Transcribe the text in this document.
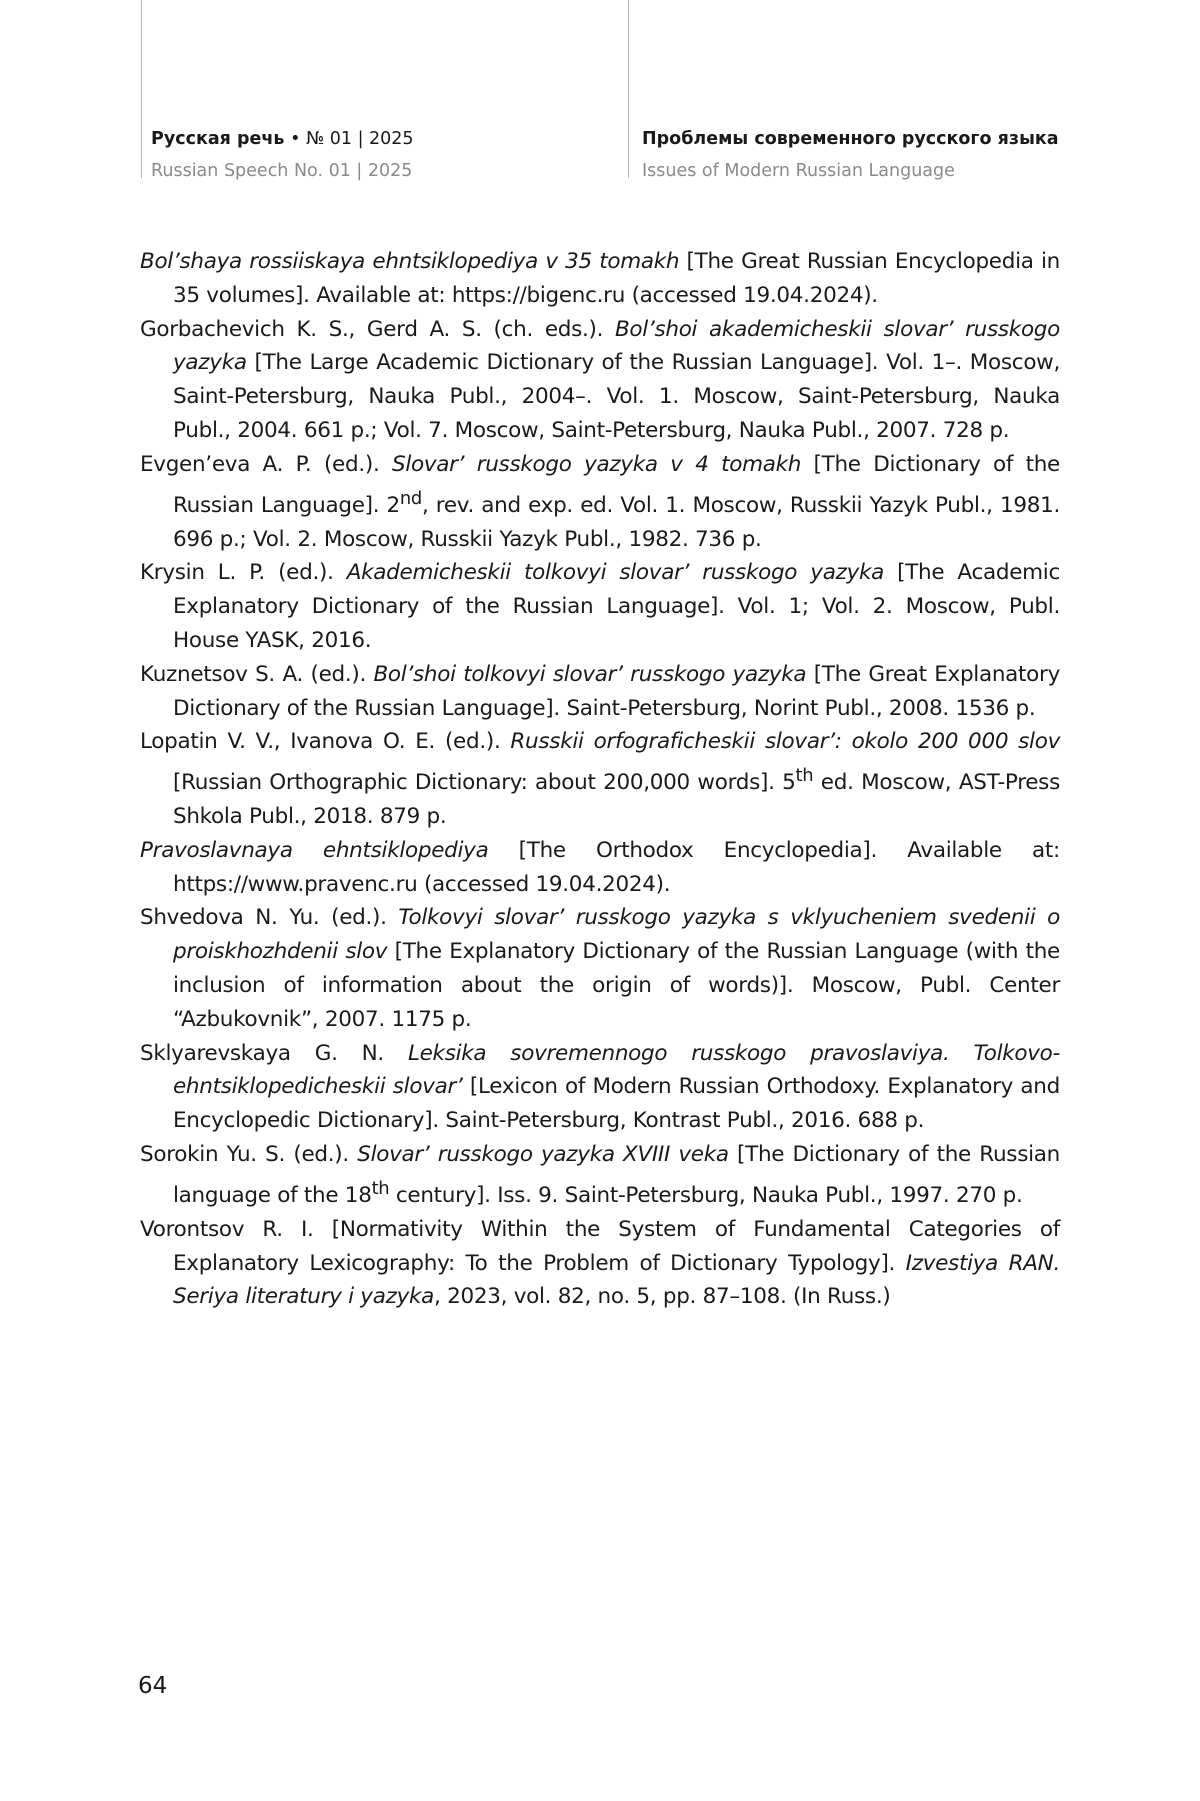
Русская речь • № 01 | 2025
Russian Speech No. 01 | 2025
Проблемы современного русского языка
Issues of Modern Russian Language

Bol’shaya rossiiskaya ehntsiklopediya v 35 tomakh [The Great Russian Encyclopedia in 35 volumes]. Available at: https://bigenc.ru (accessed 19.04.2024).

Gorbachevich K. S., Gerd A. S. (ch. eds.). Bol’shoi akademicheskii slovar’ russkogo yazyka [The Large Academic Dictionary of the Russian Language]. Vol. 1–. Moscow, Saint-Petersburg, Nauka Publ., 2004–. Vol. 1. Moscow, Saint-Petersburg, Nauka Publ., 2004. 661 p.; Vol. 7. Moscow, Saint-Petersburg, Nauka Publ., 2007. 728 p.

Evgen’eva A. P. (ed.). Slovar’ russkogo yazyka v 4 tomakh [The Dictionary of the Russian Language]. 2nd, rev. and exp. ed. Vol. 1. Moscow, Russkii Yazyk Publ., 1981. 696 p.; Vol. 2. Moscow, Russkii Yazyk Publ., 1982. 736 p.

Krysin L. P. (ed.). Akademicheskii tolkovyi slovar’ russkogo yazyka [The Academic Explanatory Dictionary of the Russian Language]. Vol. 1; Vol. 2. Moscow, Publ. House YASK, 2016.

Kuznetsov S. A. (ed.). Bol’shoi tolkovyi slovar’ russkogo yazyka [The Great Explanatory Dictionary of the Russian Language]. Saint-Petersburg, Norint Publ., 2008. 1536 p.

Lopatin V. V., Ivanova O. E. (ed.). Russkii orfograficheskii slovar’: okolo 200 000 slov [Russian Orthographic Dictionary: about 200,000 words]. 5th ed. Moscow, AST-Press Shkola Publ., 2018. 879 p.

Pravoslavnaya ehntsiklopediya [The Orthodox Encyclopedia]. Available at: https://www.pravenc.ru (accessed 19.04.2024).

Shvedova N. Yu. (ed.). Tolkovyi slovar’ russkogo yazyka s vklyucheniem svedenii o proiskhozhdenii slov [The Explanatory Dictionary of the Russian Language (with the inclusion of information about the origin of words)]. Moscow, Publ. Center “Azbukovnik”, 2007. 1175 p.

Sklyarevskaya G. N. Leksika sovremennogo russkogo pravoslaviya. Tolkovo-ehntsiklopedicheskii slovar’ [Lexicon of Modern Russian Orthodoxy. Explanatory and Encyclopedic Dictionary]. Saint-Petersburg, Kontrast Publ., 2016. 688 p.

Sorokin Yu. S. (ed.). Slovar’ russkogo yazyka XVIII veka [The Dictionary of the Russian language of the 18th century]. Iss. 9. Saint-Petersburg, Nauka Publ., 1997. 270 p.

Vorontsov R. I. [Normativity Within the System of Fundamental Categories of Explanatory Lexicography: To the Problem of Dictionary Typology]. Izvestiya RAN. Seriya literatury i yazyka, 2023, vol. 82, no. 5, pp. 87–108. (In Russ.)

64
